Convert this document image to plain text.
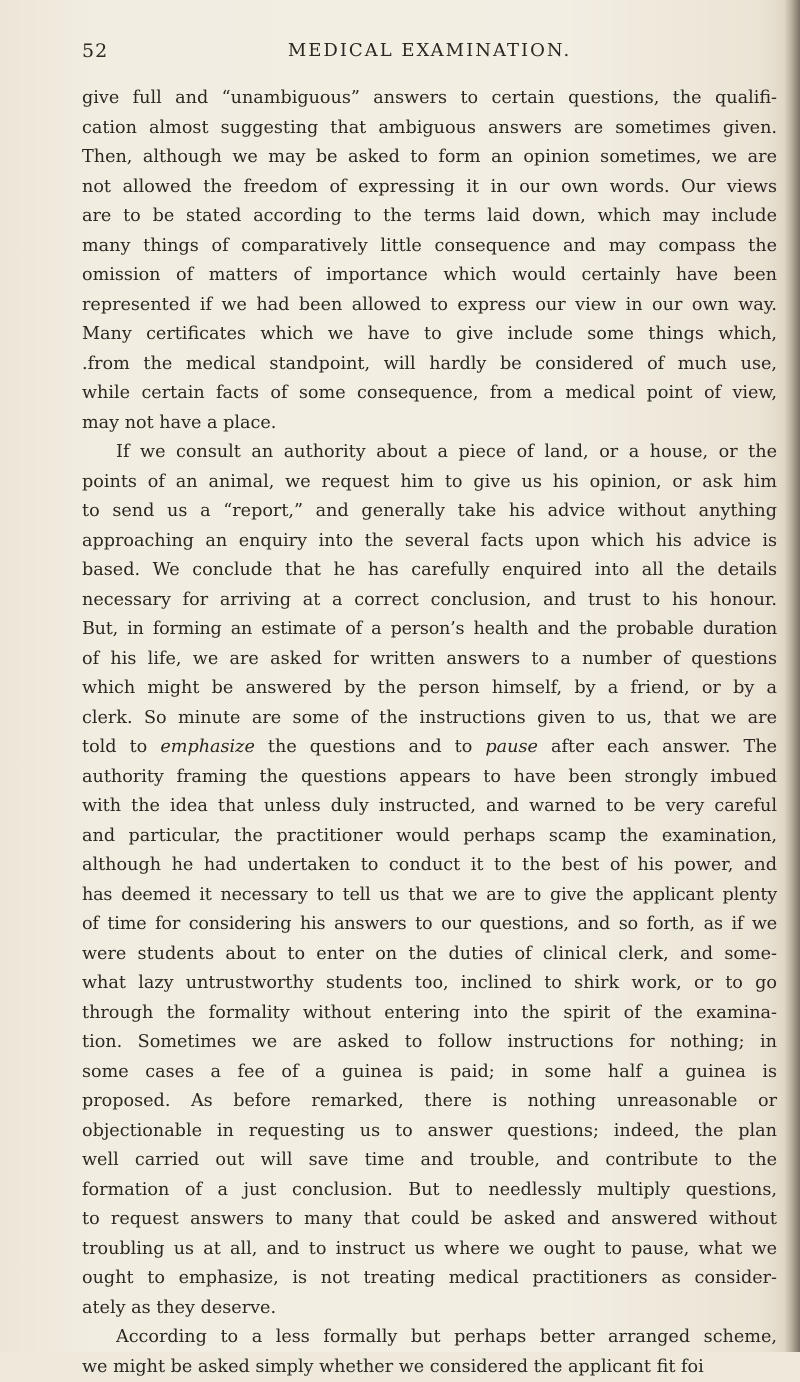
52	MEDICAL EXAMINATION.
give full and “unambiguous” answers to certain questions, the qualifi-
cation almost suggesting that ambiguous answers are sometimes given.
Then, although we may be asked to form an opinion sometimes, we are
not allowed the freedom of expressing it in our own words. Our views
are to be stated according to the terms laid down, which may include
many things of comparatively little consequence and may compass the
omission of matters of importance which would certainly have been
represented if we had been allowed to express our view in our own way.
Many certificates which we have to give include some things which,
.from the medical standpoint, will hardly be considered of much use,
while certain facts of some consequence, from a medical point of view,
may not have a place.
If we consult an authority about a piece of land, or a house, or the
points of an animal, we request him to give us his opinion, or ask him
to send us a “report,” and generally take his advice without anything
approaching an enquiry into the several facts upon which his advice is
based. We conclude that he has carefully enquired into all the details
necessary for arriving at a correct conclusion, and trust to his honour.
But, in forming an estimate of a person’s health and the probable duration
of his life, we are asked for written answers to a number of questions
which might be answered by the person himself, by a friend, or by a
clerk. So minute are some of the instructions given to us, that we are
told to emphasize the questions and to pause after each answer. The
authority framing the questions appears to have been strongly imbued
with the idea that unless duly instructed, and warned to be very careful
and particular, the practitioner would perhaps scamp the examination,
although he had undertaken to conduct it to the best of his power, and
has deemed it necessary to tell us that we are to give the applicant plenty
of time for considering his answers to our questions, and so forth, as if we
were students about to enter on the duties of clinical clerk, and some-
what lazy untrustworthy students too, inclined to shirk work, or to go
through the formality without entering into the spirit of the examina-
tion. Sometimes we are asked to follow instructions for nothing; in
some cases a fee of a guinea is paid; in some half a guinea is
proposed. As before remarked, there is nothing unreasonable or
objectionable in requesting us to answer questions; indeed, the plan
well carried out will save time and trouble, and contribute to the
formation of a just conclusion. But to needlessly multiply questions,
to request answers to many that could be asked and answered without
troubling us at all, and to instruct us where we ought to pause, what we
ought to emphasize, is not treating medical practitioners as consider-
ately as they deserve.
According to a less formally but perhaps better arranged scheme,
we might be asked simply whether we considered the applicant fit foi
